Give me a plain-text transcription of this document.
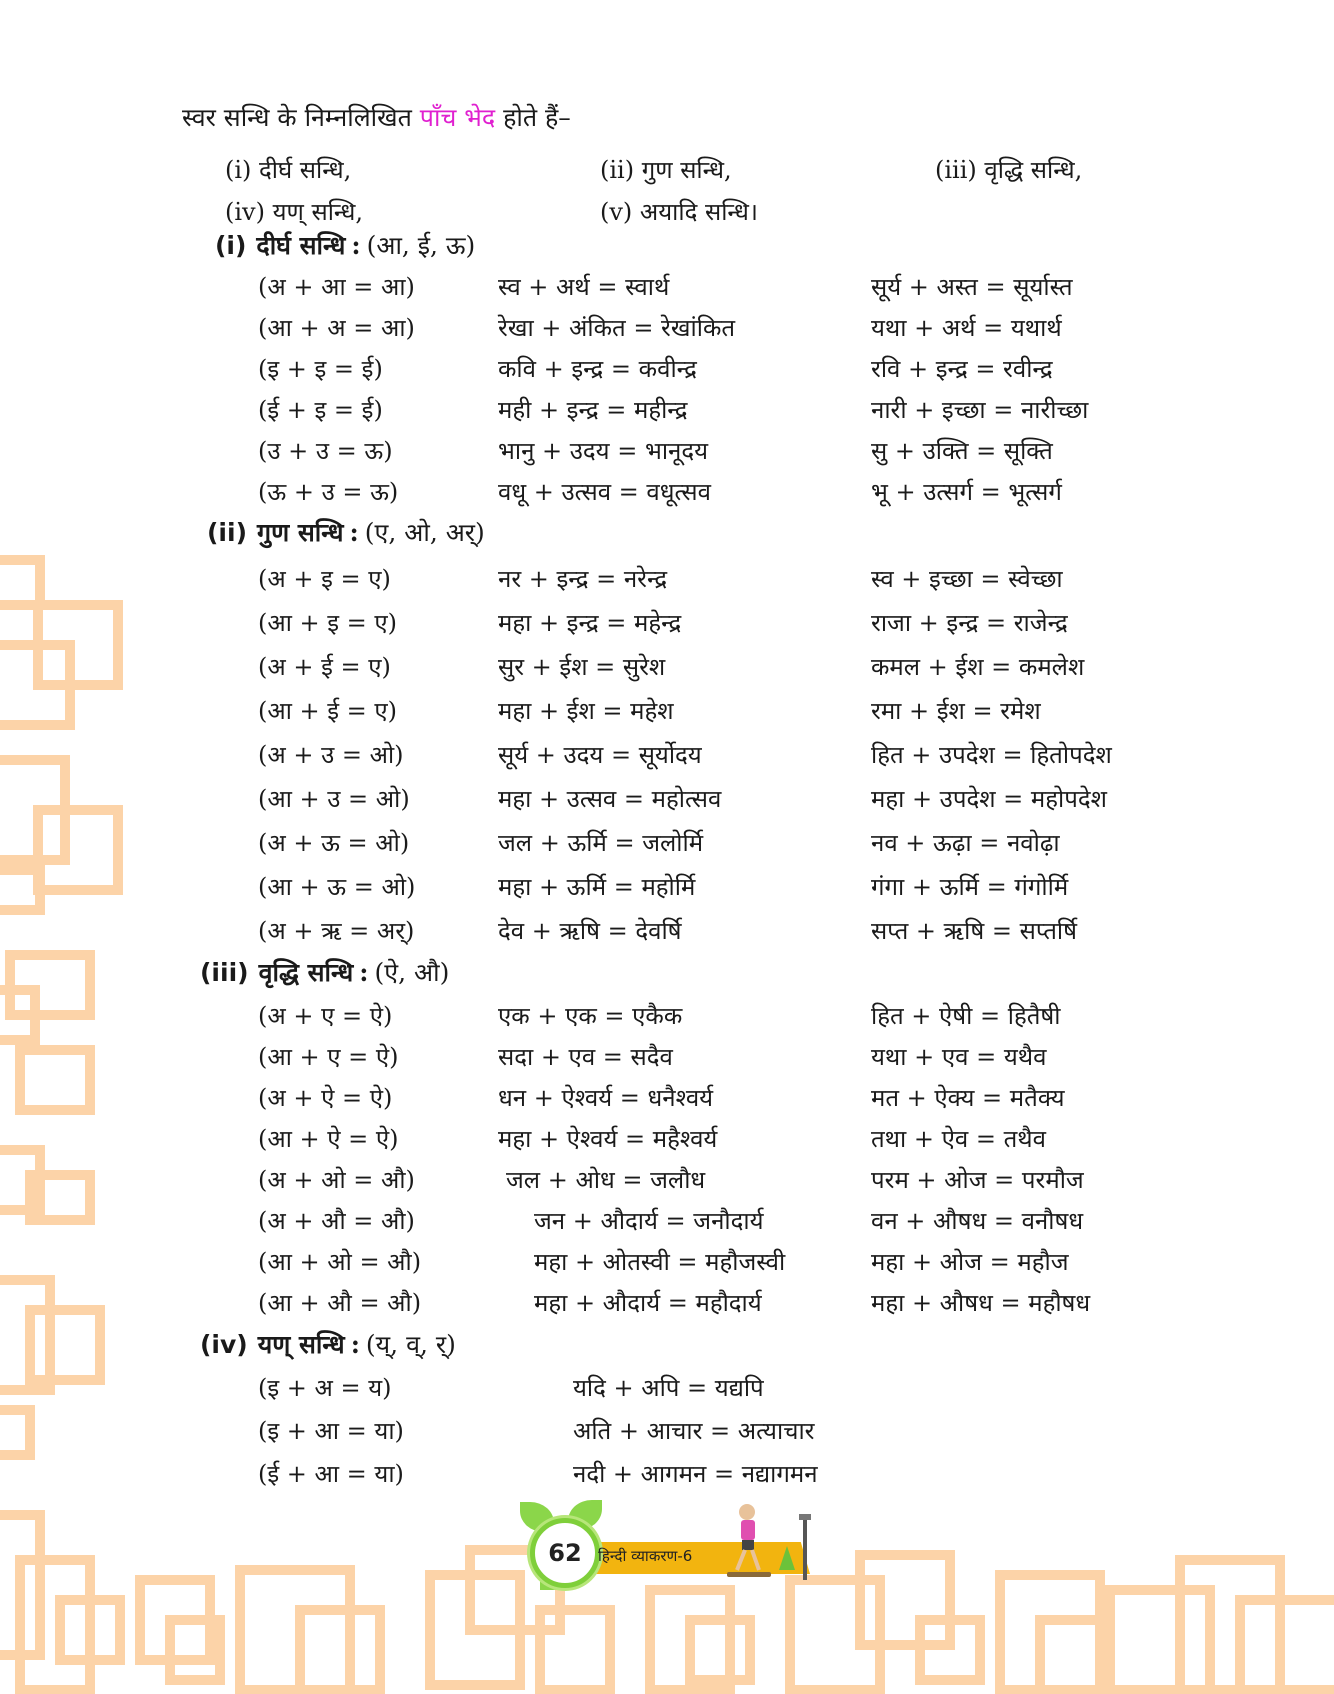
स्वर सन्धि के निम्नलिखित पाँच भेद होते हैं–
(i) दीर्घ सन्धि,	(ii) गुण सन्धि,	(iii) वृद्धि सन्धि,
(iv) यण् सन्धि,	(v) अयादि सन्धि।
(i) दीर्घ सन्धि : (आ, ई, ऊ)
(अ + आ = आ)	स्व + अर्थ = स्वार्थ	सूर्य + अस्त = सूर्यास्त
(आ + अ = आ)	रेखा + अंकित = रेखांकित	यथा + अर्थ = यथार्थ
(इ + इ = ई)	कवि + इन्द्र = कवीन्द्र	रवि + इन्द्र = रवीन्द्र
(ई + इ = ई)	मही + इन्द्र = महीन्द्र	नारी + इच्छा = नारीच्छा
(उ + उ = ऊ)	भानु + उदय = भानूदय	सु + उक्ति = सूक्ति
(ऊ + उ = ऊ)	वधू + उत्सव = वधूत्सव	भू + उत्सर्ग = भूत्सर्ग
(ii) गुण सन्धि : (ए, ओ, अर्)
(अ + इ = ए)	नर + इन्द्र = नरेन्द्र	स्व + इच्छा = स्वेच्छा
(आ + इ = ए)	महा + इन्द्र = महेन्द्र	राजा + इन्द्र = राजेन्द्र
(अ + ई = ए)	सुर + ईश = सुरेश	कमल + ईश = कमलेश
(आ + ई = ए)	महा + ईश = महेश	रमा + ईश = रमेश
(अ + उ = ओ)	सूर्य + उदय = सूर्योदय	हित + उपदेश = हितोपदेश
(आ + उ = ओ)	महा + उत्सव = महोत्सव	महा + उपदेश = महोपदेश
(अ + ऊ = ओ)	जल + ऊर्मि = जलोर्मि	नव + ऊढ़ा = नवोढ़ा
(आ + ऊ = ओ)	महा + ऊर्मि = महोर्मि	गंगा + ऊर्मि = गंगोर्मि
(अ + ऋ = अर्)	देव + ऋषि = देवर्षि	सप्त + ऋषि = सप्तर्षि
(iii) वृद्धि सन्धि : (ऐ, औ)
(अ + ए = ऐ)	एक + एक = एकैक	हित + ऐषी = हितैषी
(आ + ए = ऐ)	सदा + एव = सदैव	यथा + एव = यथैव
(अ + ऐ = ऐ)	धन + ऐश्वर्य = धनैश्वर्य	मत + ऐक्य = मतैक्य
(आ + ऐ = ऐ)	महा + ऐश्वर्य = महैश्वर्य	तथा + ऐव = तथैव
(अ + ओ = औ)	जल + ओध = जलौध	परम + ओज = परमौज
(अ + औ = औ)	जन + औदार्य = जनौदार्य	वन + औषध = वनौषध
(आ + ओ = औ)	महा + ओतस्वी = महौजस्वी	महा + ओज = महौज
(आ + औ = औ)	महा + औदार्य = महौदार्य	महा + औषध = महौषध
(iv) यण् सन्धि : (य्, व्, र्)
(इ + अ = य)	यदि + अपि = यद्यपि
(इ + आ = या)	अति + आचार = अत्याचार
(ई + आ = या)	नदी + आगमन = नद्यागमन
62	हिन्दी व्याकरण-6
